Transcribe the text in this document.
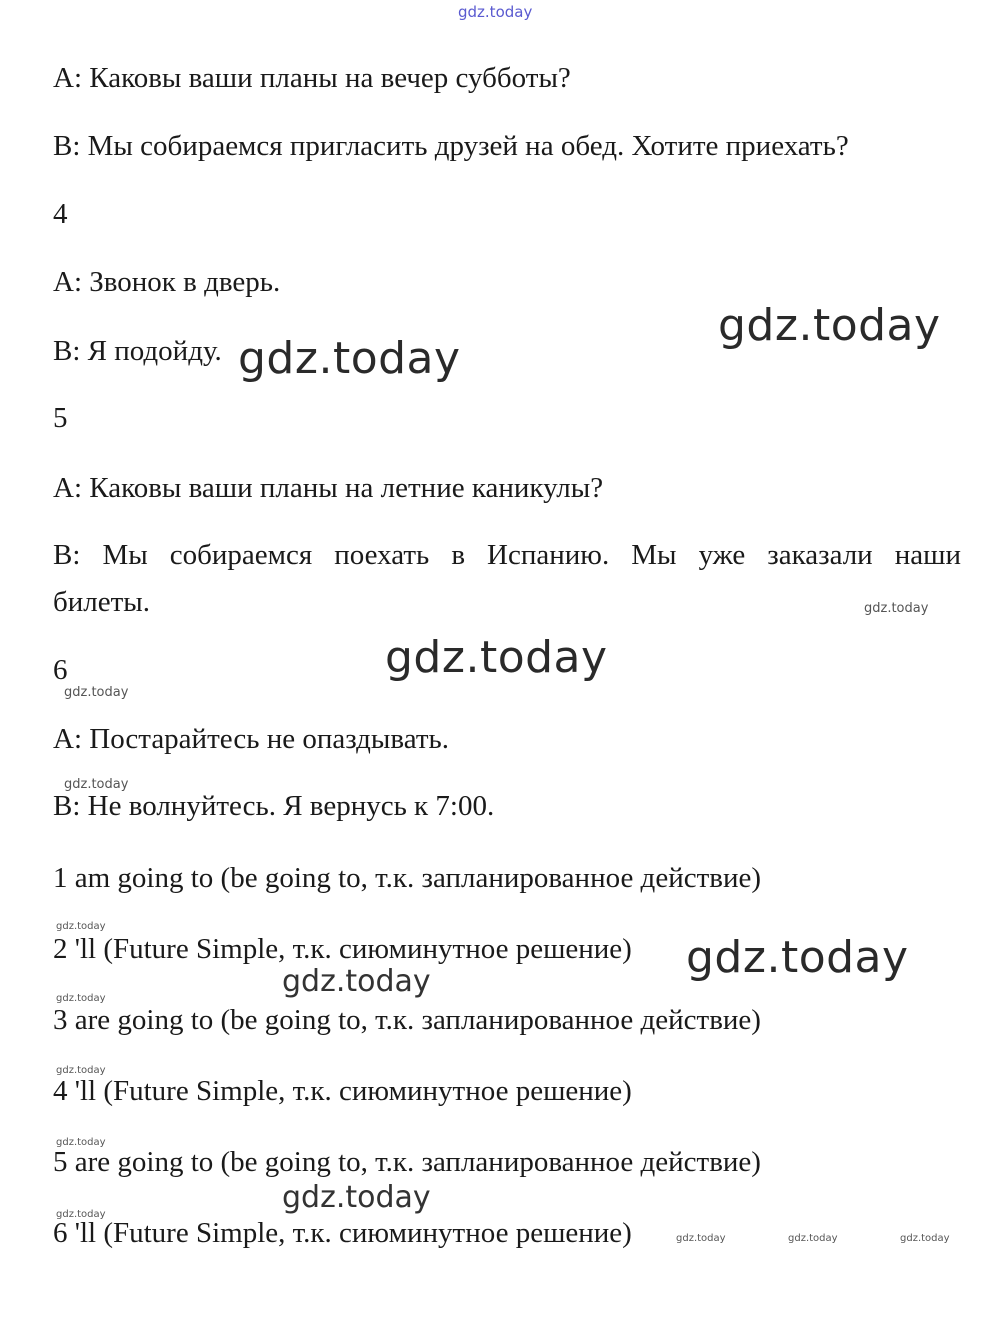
gdz.today
A: Каковы ваши планы на вечер субботы?
B: Мы собираемся пригласить друзей на обед. Хотите приехать?
4
A: Звонок в дверь.
B: Я подойду.
5
A: Каковы ваши планы на летние каникулы?
B: Мы собираемся поехать в Испанию. Мы уже заказали наши
билеты.
6
A: Постарайтесь не опаздывать.
B: Не волнуйтесь. Я вернусь к 7:00.
1 am going to (be going to, т.к. запланированное действие)
2 'll (Future Simple, т.к. сиюминутное решение)
3 are going to (be going to, т.к. запланированное действие)
4 'll (Future Simple, т.к. сиюминутное решение)
5 are going to (be going to, т.к. запланированное действие)
6 'll (Future Simple, т.к. сиюминутное решение)
gdz.today
gdz.today
gdz.today
gdz.today
gdz.today
gdz.today
gdz.today
gdz.today
gdz.today
gdz.today
gdz.today
gdz.today
gdz.today
gdz.today
gdz.today	gdz.today	gdz.today
